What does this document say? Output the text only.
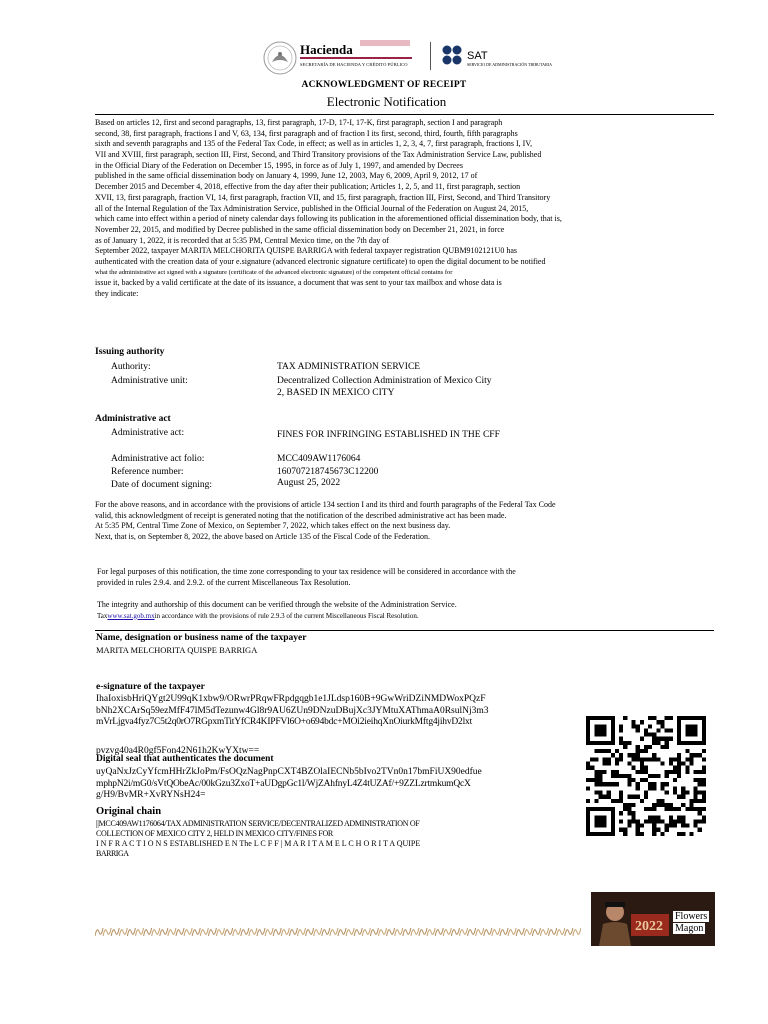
Hacienda
SECRETARÍA DE HACIENDA Y CRÉDITO PÚBLICO
SAT
SERVICIO DE ADMINISTRACIÓN TRIBUTARIA
ACKNOWLEDGMENT OF RECEIPT
Electronic Notification
Based on articles 12, first and second paragraphs, 13, first paragraph, 17-D, 17-I, 17-K, first paragraph, section I and paragraph
second, 38, first paragraph, fractions I and V, 63, 134, first paragraph and of fraction I its first, second, third, fourth, fifth paragraphs
sixth and seventh paragraphs and 135 of the Federal Tax Code, in effect; as well as in articles 1, 2, 3, 4, 7, first paragraph, fractions I, IV,
VII and XVIII, first paragraph, section III, First, Second, and Third Transitory provisions of the Tax Administration Service Law, published
in the Official Diary of the Federation on December 15, 1995, in force as of July 1, 1997, and amended by Decrees
published in the same official dissemination body on January 4, 1999, June 12, 2003, May 6, 2009, April 9, 2012, 17 of
December 2015 and December 4, 2018, effective from the day after their publication; Articles 1, 2, 5, and 11, first paragraph, section
XVII, 13, first paragraph, fraction VI, 14, first paragraph, fraction VII, and 15, first paragraph, fraction III, First, Second, and Third Transitory
all of the Internal Regulation of the Tax Administration Service, published in the Official Journal of the Federation on August 24, 2015,
which came into effect within a period of ninety calendar days following its publication in the aforementioned official dissemination body, that is,
November 22, 2015, and modified by Decree published in the same official dissemination body on December 21, 2021, in force
as of January 1, 2022, it is recorded that at 5:35 PM, Central Mexico time, on the 7th day of
September 2022, taxpayer MARITA MELCHORITA QUISPE BARRIGA with federal taxpayer registration QUBM9102121U0 has
authenticated with the creation data of your e.signature (advanced electronic signature certificate) to open the digital document to be notified
what the administrative act signed with a signature (certificate of the advanced electronic signature) of the competent official contains for
issue it, backed by a valid certificate at the date of its issuance, a document that was sent to your tax mailbox and whose data is
they indicate:
Issuing authority
Authority:	TAX ADMINISTRATION SERVICE
Administrative unit:	Decentralized Collection Administration of Mexico City
2, BASED IN MEXICO CITY
Administrative act
Administrative act:	FINES FOR INFRINGING ESTABLISHED IN THE CFF
Administrative act folio:	MCC409AW1176064
Reference number:	160707218745673C12200
Date of document signing:	August 25, 2022
For the above reasons, and in accordance with the provisions of article 134 section I and its third and fourth paragraphs of the Federal Tax Code
valid, this acknowledgment of receipt is generated noting that the notification of the described administrative act has been made.
At 5:35 PM, Central Time Zone of Mexico, on September 7, 2022, which takes effect on the next business day.
Next, that is, on September 8, 2022, the above based on Article 135 of the Fiscal Code of the Federation.
For legal purposes of this notification, the time zone corresponding to your tax residence will be considered in accordance with the
provided in rules 2.9.4. and 2.9.2. of the current Miscellaneous Tax Resolution.
The integrity and authorship of this document can be verified through the website of the Administration Service.
Taxwww.sat.gob.mxin accordance with the provisions of rule 2.9.3 of the current Miscellaneous Fiscal Resolution.
Name, designation or business name of the taxpayer
MARITA MELCHORITA QUISPE BARRIGA
e-signature of the taxpayer
IhaIoxisbHriQYgt2U99qK1xbw9/ORwrPRqwFRpdgqgb1e1JLdsp160B+9GwWriDZiNMDWoxPQzF
bNh2XCArSq59ezMfF47lM5dTezunw4Gl8r9AU6ZUn9DNzuDBujXc3JYMtuXAThmaA0RsulNj3m3
mVrLjgva4fyz7C5t2q0rO7RGpxmTitYfCR4KIPFVl6O+o694bdc+MOi2ieihqXnOiurkMftg4jihvD2lxt
pvzvg40a4R0gf5Fon42N61h2KwYXtw==
Digital seal that authenticates the document
uyQaNxJzCyYfcmHHrZkJoPm/FsOQzNagPnpCXT4BZOlaIECNb5bIvo2TVn0n17bmFiUX90edfue
mphpN2i/mG0/sVtQObeAc/00kGzu3ZxoT+aUDgpGc1l/WjZAhfnyL4Z4tUZAf/+9ZZLzrtmkumQcX
g/H9/BvMR+XvRYNsH24=
Original chain
||MCC409AW1176064/TAX ADMINISTRATION SERVICE/DECENTRALIZED ADMINISTRATION OF
COLLECTION OF MEXICO CITY 2, HELD IN MEXICO CITY/FINES FOR
I N F R A C T I O N S ESTABLISHED E N The L C F F | M A R I T A M E L C H O R I T A QUIPE
BARRIGA
2022
Flowers
Magon
